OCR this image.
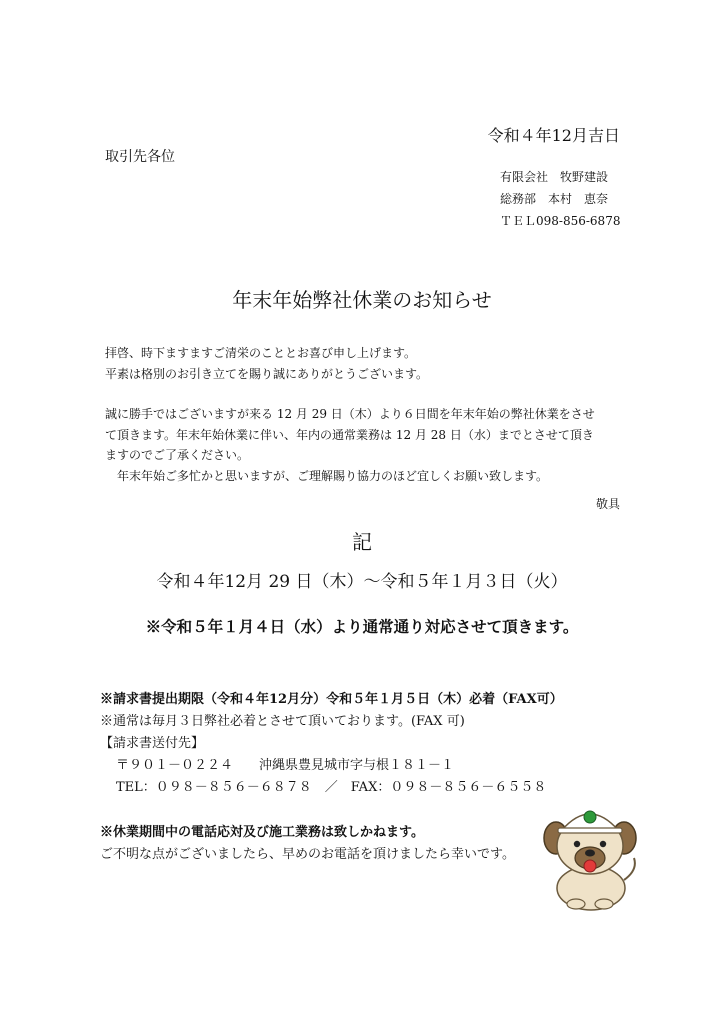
令和４年12月吉日
取引先各位
有限会社　牧野建設
総務部　本村　恵奈
ＴＥＬ098-856-6878
年末年始弊社休業のお知らせ
拝啓、時下ますますご清栄のこととお喜び申し上げます。
平素は格別のお引き立てを賜り誠にありがとうございます。
誠に勝手ではございますが来る 12 月 29 日（木）より６日間を年末年始の弊社休業をさせ
て頂きます。年末年始休業に伴い、年内の通常業務は 12 月 28 日（水）までとさせて頂き
ますのでご了承ください。
　年末年始ご多忙かと思いますが、ご理解賜り協力のほど宜しくお願い致します。
敬具
記
令和４年12月 29 日（木）～令和５年１月３日（火）
※令和５年１月４日（水）より通常通り対応させて頂きます。
※請求書提出期限（令和４年12月分）令和５年１月５日（木）必着（FAX可）
※通常は毎月３日弊社必着とさせて頂いております。(FAX 可)
【請求書送付先】
〒９０１－０２２４　　沖縄県豊見城市字与根１８１－１
TEL：０９８－８５６－６８７８　／　FAX：０９８－８５６－６５５８
※休業期間中の電話応対及び施工業務は致しかねます。
ご不明な点がございましたら、早めのお電話を頂けましたら幸いです。
